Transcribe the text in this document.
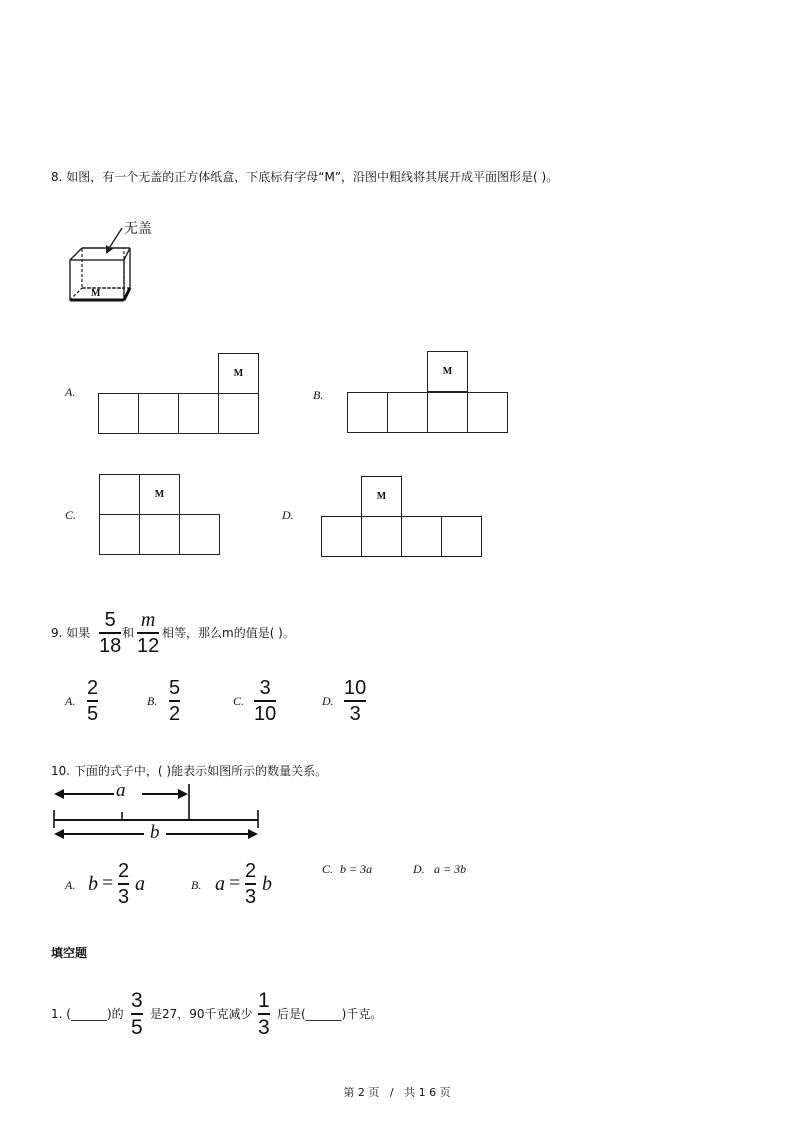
8. 如图，有一个无盖的正方体纸盒，下底标有字母“M”，沿图中粗线将其展开成平面图形是( )。
无盖
M
A.
M
B.
M
C.
M
D.
M
9. 如果
5
18
和
m
12
相等，那么m的值是( )。
A.
2
5
B.
5
2
C.
3
10
D.
10
3
10. 下面的式子中，( )能表示如图所示的数量关系。
a
b
A. b =
2
3
a	B. a =
2
3
b
C. b = 3a	D. a = 3b
填空题
1. (______)的
3
5
是27，90千克减少
1
3
后是(______)千克。
第 2 页   /   共 1 6 页
